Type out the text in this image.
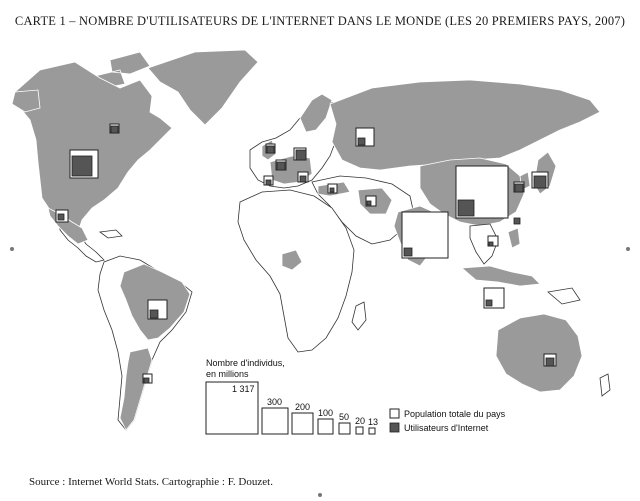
CARTE 1 – NOMBRE D'UTILISATEURS DE L'INTERNET DANS LE MONDE (LES 20 PREMIERS PAYS, 2007)
Nombre d'individus,
en millions
1 317
300 200
100 50 20 13
Population totale du pays
Utilisateurs d'Internet
Source : Internet World Stats. Cartographie : F. Douzet.
